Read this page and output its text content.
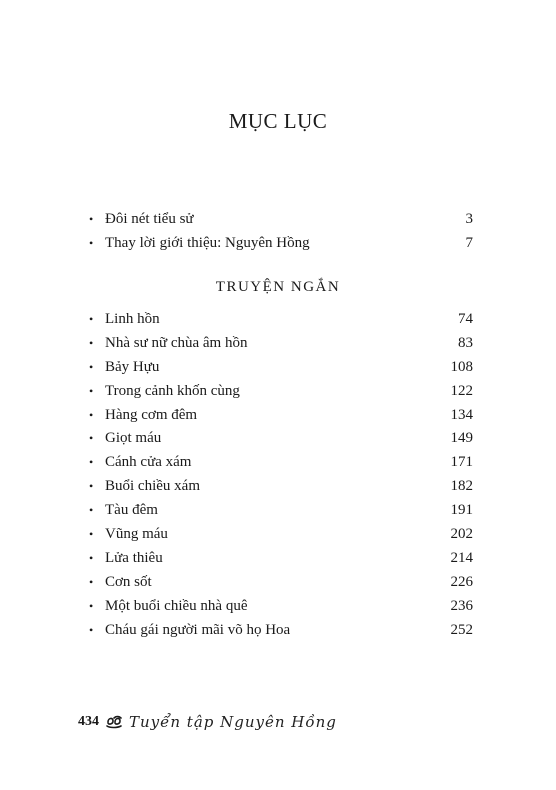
MỤC LỤC
• Đôi nét tiểu sử	3
• Thay lời giới thiệu: Nguyên Hồng	7
TRUYỆN NGẮN
• Linh hồn	74
• Nhà sư nữ chùa âm hồn	83
• Bảy Hựu	108
• Trong cảnh khốn cùng	122
• Hàng cơm đêm	134
• Giọt máu	149
• Cánh cửa xám	171
• Buổi chiều xám	182
• Tàu đêm	191
• Vũng máu	202
• Lửa thiêu	214
• Cơn sốt	226
• Một buổi chiều nhà quê	236
• Cháu gái người mãi võ họ Hoa	252
434 Tuyển tập Nguyên Hồng
